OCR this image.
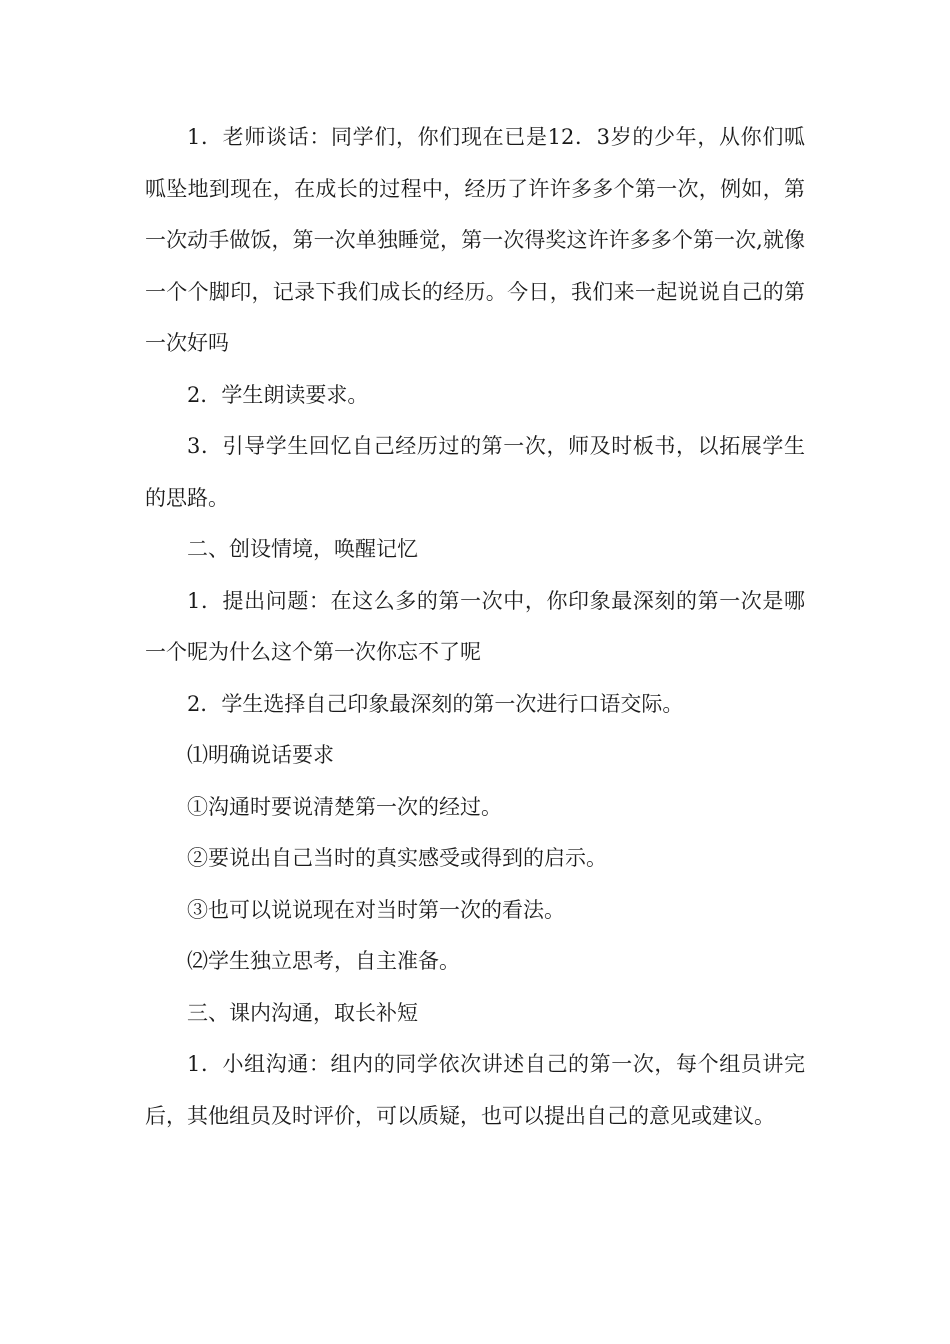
1．老师谈话：同学们，你们现在已是12．3岁的少年，从你们呱呱坠地到现在，在成长的过程中，经历了许许多多个第一次，例如，第一次动手做饭，第一次单独睡觉，第一次得奖这许许多多个第一次,就像一个个脚印，记录下我们成长的经历。今日，我们来一起说说自己的第一次好吗

2．学生朗读要求。

3．引导学生回忆自己经历过的第一次，师及时板书，以拓展学生的思路。

二、创设情境，唤醒记忆

1．提出问题：在这么多的第一次中，你印象最深刻的第一次是哪一个呢为什么这个第一次你忘不了呢

2．学生选择自己印象最深刻的第一次进行口语交际。

⑴明确说话要求

①沟通时要说清楚第一次的经过。

②要说出自己当时的真实感受或得到的启示。

③也可以说说现在对当时第一次的看法。

⑵学生独立思考，自主准备。

三、课内沟通，取长补短

1．小组沟通：组内的同学依次讲述自己的第一次，每个组员讲完后，其他组员及时评价，可以质疑，也可以提出自己的意见或建议。
